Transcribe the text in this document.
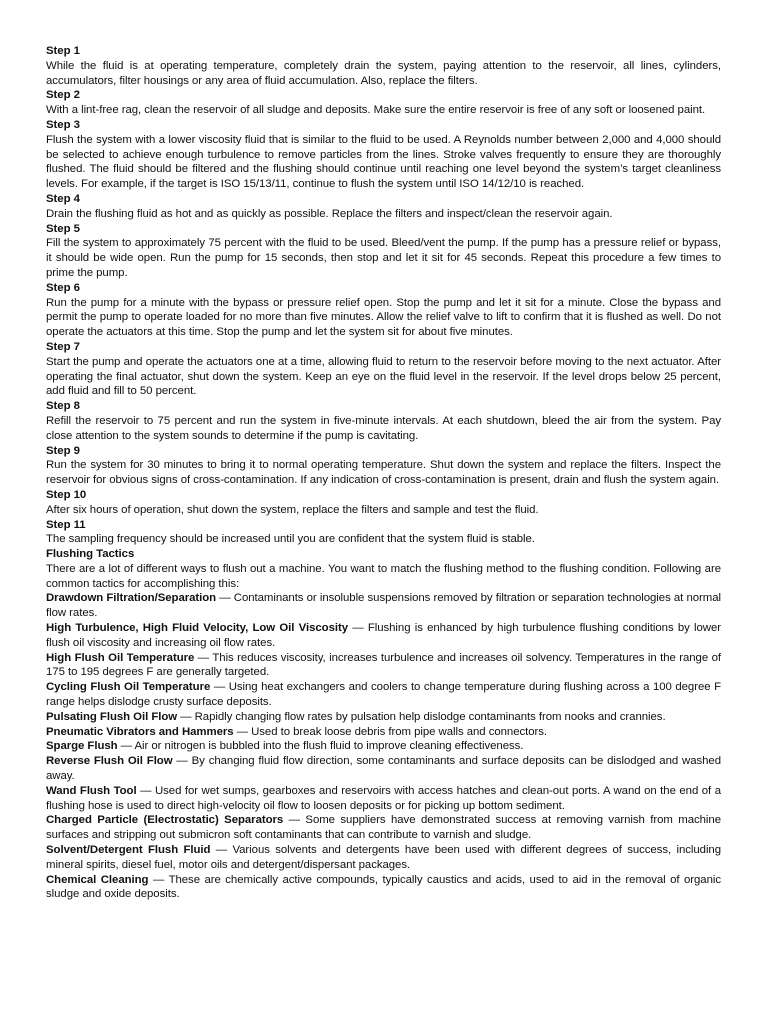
Step 1

While the fluid is at operating temperature, completely drain the system, paying attention to the reservoir, all lines, cylinders, accumulators, filter housings or any area of fluid accumulation. Also, replace the filters.

Step 2

With a lint-free rag, clean the reservoir of all sludge and deposits. Make sure the entire reservoir is free of any soft or loosened paint.

Step 3

Flush the system with a lower viscosity fluid that is similar to the fluid to be used. A Reynolds number between 2,000 and 4,000 should be selected to achieve enough turbulence to remove particles from the lines. Stroke valves frequently to ensure they are thoroughly flushed. The fluid should be filtered and the flushing should continue until reaching one level beyond the system’s target cleanliness levels. For example, if the target is ISO 15/13/11, continue to flush the system until ISO 14/12/10 is reached.

Step 4

Drain the flushing fluid as hot and as quickly as possible. Replace the filters and inspect/clean the reservoir again.

Step 5

Fill the system to approximately 75 percent with the fluid to be used. Bleed/vent the pump. If the pump has a pressure relief or bypass, it should be wide open. Run the pump for 15 seconds, then stop and let it sit for 45 seconds. Repeat this procedure a few times to prime the pump.

Step 6

Run the pump for a minute with the bypass or pressure relief open. Stop the pump and let it sit for a minute. Close the bypass and permit the pump to operate loaded for no more than five minutes. Allow the relief valve to lift to confirm that it is flushed as well. Do not operate the actuators at this time. Stop the pump and let the system sit for about five minutes.

Step 7

Start the pump and operate the actuators one at a time, allowing fluid to return to the reservoir before moving to the next actuator. After operating the final actuator, shut down the system. Keep an eye on the fluid level in the reservoir. If the level drops below 25 percent, add fluid and fill to 50 percent.

Step 8

Refill the reservoir to 75 percent and run the system in five-minute intervals. At each shutdown, bleed the air from the system. Pay close attention to the system sounds to determine if the pump is cavitating.

Step 9

Run the system for 30 minutes to bring it to normal operating temperature. Shut down the system and replace the filters. Inspect the reservoir for obvious signs of cross-contamination. If any indication of cross-contamination is present, drain and flush the system again.

Step 10

After six hours of operation, shut down the system, replace the filters and sample and test the fluid.

Step 11

The sampling frequency should be increased until you are confident that the system fluid is stable.

Flushing Tactics

There are a lot of different ways to flush out a machine. You want to match the flushing method to the flushing condition. Following are common tactics for accomplishing this:

Drawdown Filtration/Separation — Contaminants or insoluble suspensions removed by filtration or separation technologies at normal flow rates.

High Turbulence, High Fluid Velocity, Low Oil Viscosity — Flushing is enhanced by high turbulence flushing conditions by lower flush oil viscosity and increasing oil flow rates.

High Flush Oil Temperature — This reduces viscosity, increases turbulence and increases oil solvency. Temperatures in the range of 175 to 195 degrees F are generally targeted.

Cycling Flush Oil Temperature — Using heat exchangers and coolers to change temperature during flushing across a 100 degree F range helps dislodge crusty surface deposits.

Pulsating Flush Oil Flow — Rapidly changing flow rates by pulsation help dislodge contaminants from nooks and crannies.

Pneumatic Vibrators and Hammers — Used to break loose debris from pipe walls and connectors.

Sparge Flush — Air or nitrogen is bubbled into the flush fluid to improve cleaning effectiveness.

Reverse Flush Oil Flow — By changing fluid flow direction, some contaminants and surface deposits can be dislodged and washed away.

Wand Flush Tool — Used for wet sumps, gearboxes and reservoirs with access hatches and clean-out ports. A wand on the end of a flushing hose is used to direct high-velocity oil flow to loosen deposits or for picking up bottom sediment.

Charged Particle (Electrostatic) Separators — Some suppliers have demonstrated success at removing varnish from machine surfaces and stripping out submicron soft contaminants that can contribute to varnish and sludge.

Solvent/Detergent Flush Fluid — Various solvents and detergents have been used with different degrees of success, including mineral spirits, diesel fuel, motor oils and detergent/dispersant packages.

Chemical Cleaning — These are chemically active compounds, typically caustics and acids, used to aid in the removal of organic sludge and oxide deposits.
